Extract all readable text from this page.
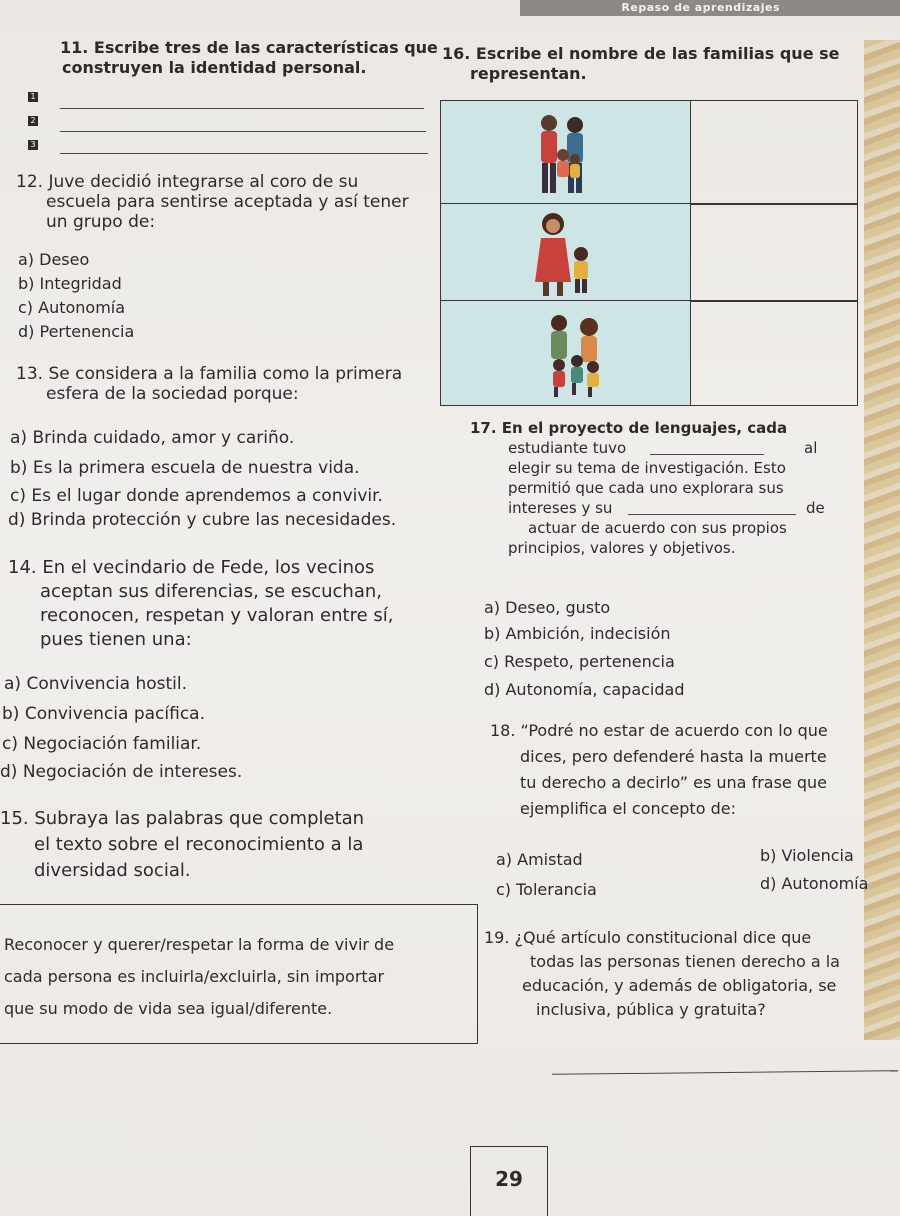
Repaso de aprendizajes
11. Escribe tres de las características que
construyen la identidad personal.
1
2
3
12. Juve decidió integrarse al coro de su
escuela para sentirse aceptada y así tener
un grupo de:
a) Deseo
b) Integridad
c) Autonomía
d) Pertenencia
13. Se considera a la familia como la primera
esfera de la sociedad porque:
a) Brinda cuidado, amor y cariño.
b) Es la primera escuela de nuestra vida.
c) Es el lugar donde aprendemos a convivir.
d) Brinda protección y cubre las necesidades.
14. En el vecindario de Fede, los vecinos
aceptan sus diferencias, se escuchan,
reconocen, respetan y valoran entre sí,
pues tienen una:
a) Convivencia hostil.
b) Convivencia pacífica.
c) Negociación familiar.
d) Negociación de intereses.
15. Subraya las palabras que completan
el texto sobre el reconocimiento a la
diversidad social.
Reconocer y querer/respetar la forma de vivir de
cada persona es incluirla/excluirla, sin importar
que su modo de vida sea igual/diferente.
16. Escribe el nombre de las familias que se
representan.
17. En el proyecto de lenguajes, cada
estudiante tuvo	al
elegir su tema de investigación. Esto
permitió que cada uno explorara sus
intereses y su	de
actuar de acuerdo con sus propios
principios, valores y objetivos.
a) Deseo, gusto
b) Ambición, indecisión
c) Respeto, pertenencia
d) Autonomía, capacidad
18. “Podré no estar de acuerdo con lo que
dices, pero defenderé hasta la muerte
tu derecho a decirlo” es una frase que
ejemplifica el concepto de:
a) Amistad	b) Violencia
c) Tolerancia	d) Autonomía
19. ¿Qué artículo constitucional dice que
todas las personas tienen derecho a la
educación, y además de obligatoria, se
inclusiva, pública y gratuita?
29
